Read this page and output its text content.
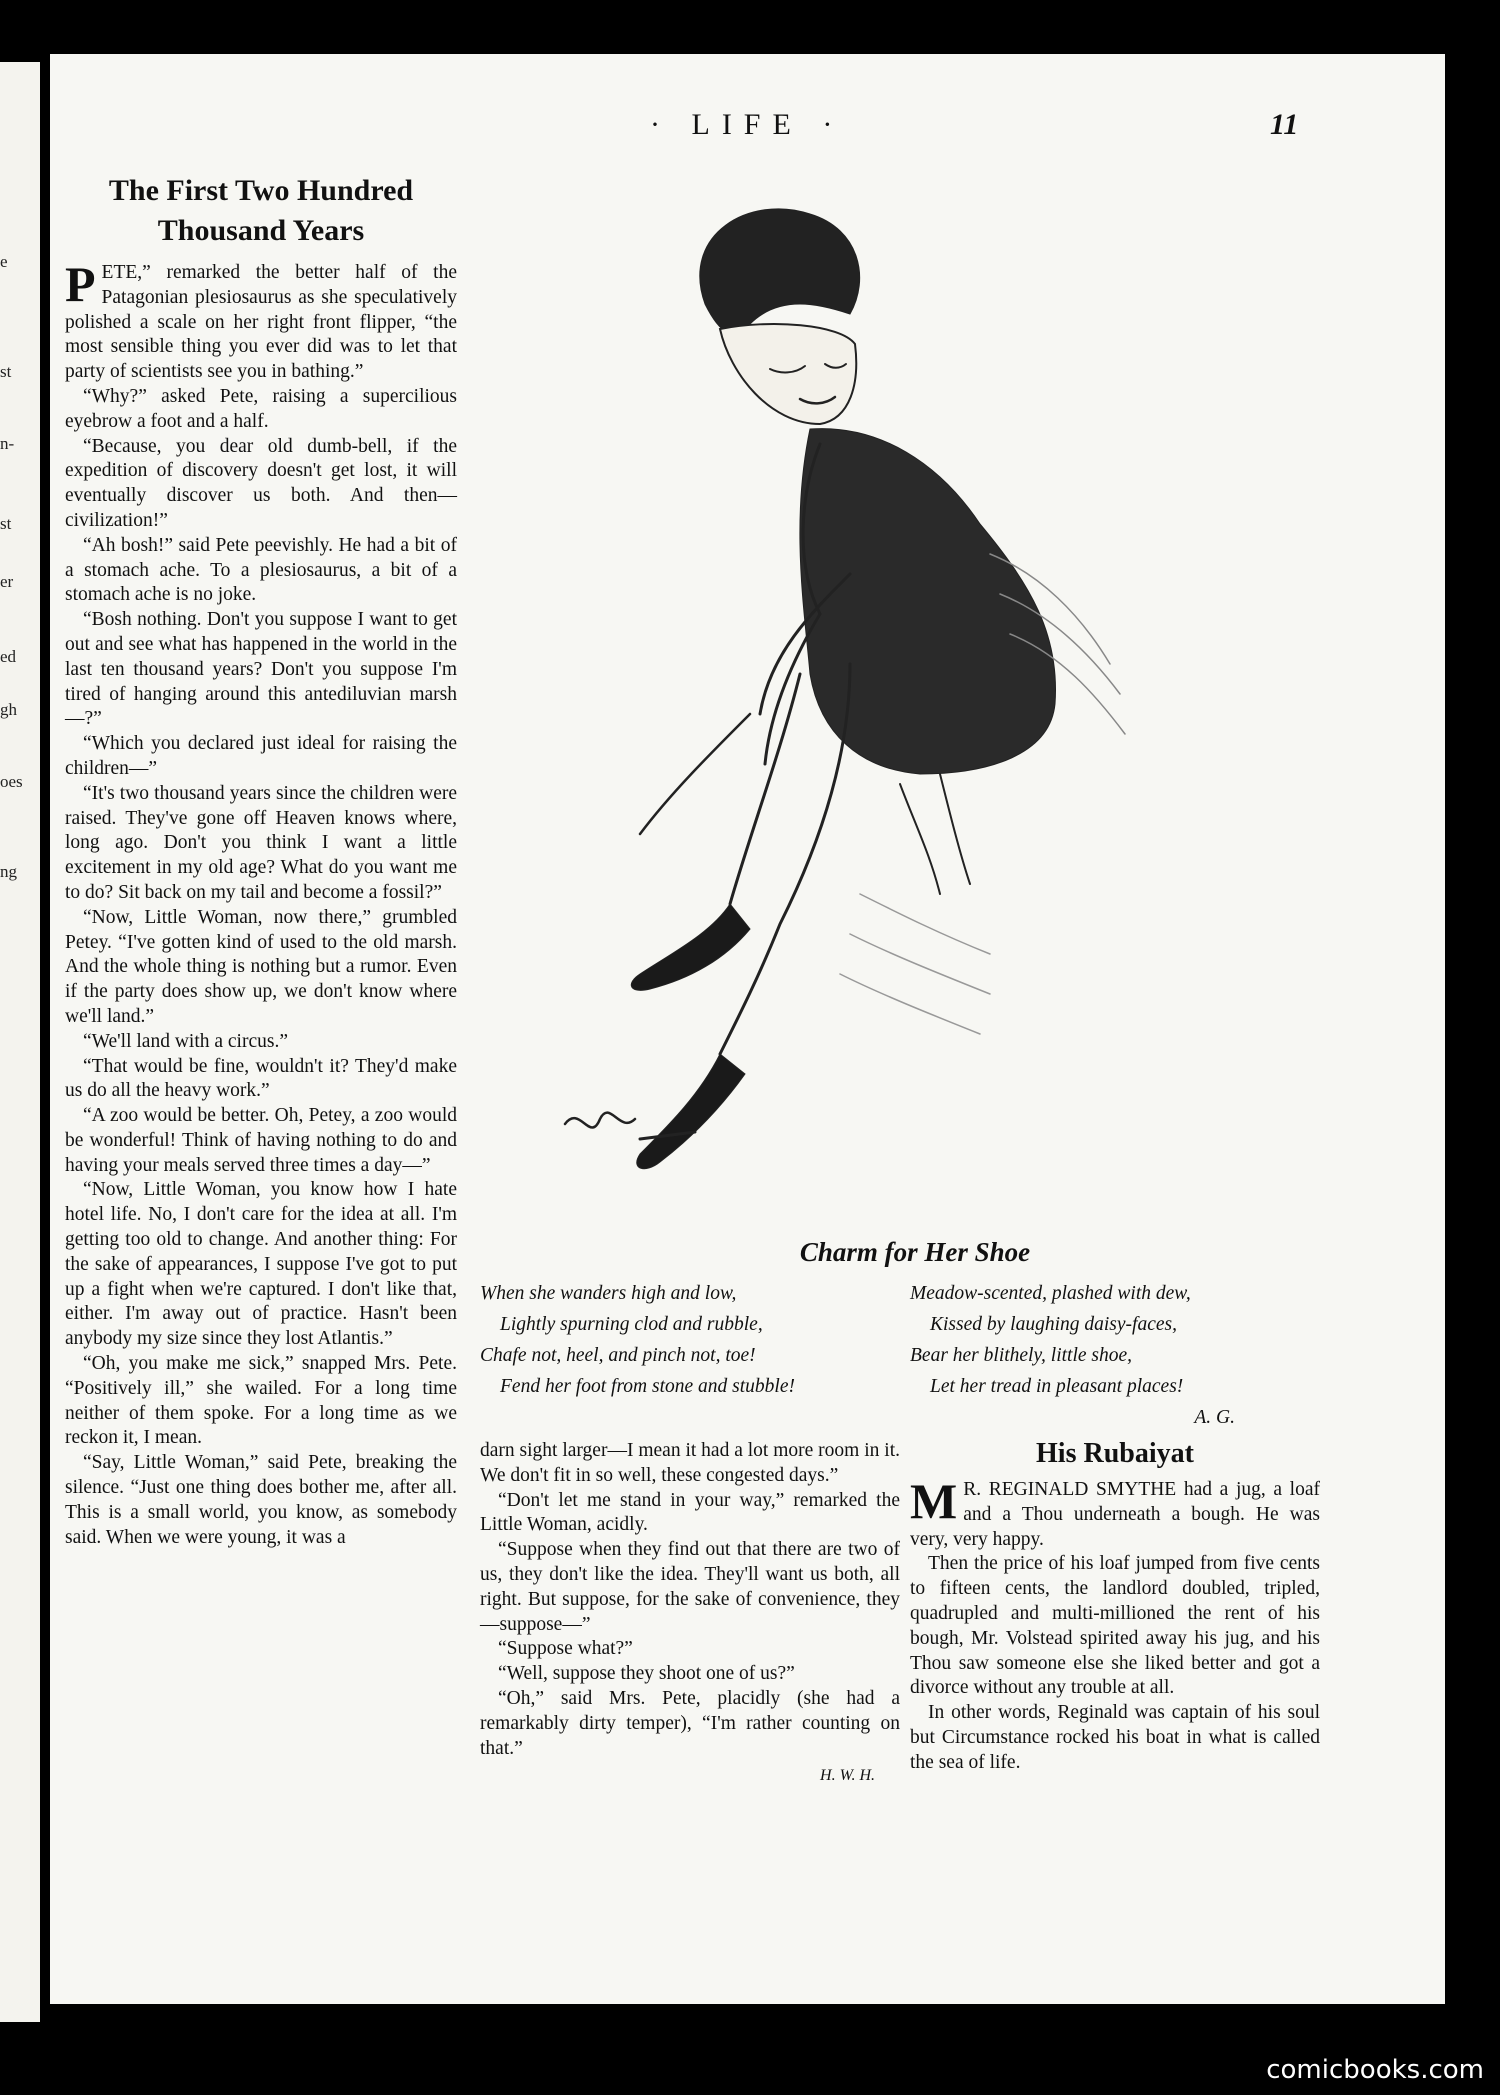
e
st
n-
st
er
ed
gh
oes
ng
· LIFE ·	11
The First Two Hundred Thousand Years

PETE,” remarked the better half of the Patagonian plesiosaurus as she speculatively polished a scale on her right front flipper, “the most sensible thing you ever did was to let that party of scientists see you in bathing.”

“Why?” asked Pete, raising a supercilious eyebrow a foot and a half.

“Because, you dear old dumb-bell, if the expedition of discovery doesn't get lost, it will eventually discover us both. And then—civilization!”

“Ah bosh!” said Pete peevishly. He had a bit of a stomach ache. To a plesiosaurus, a bit of a stomach ache is no joke.

“Bosh nothing. Don't you suppose I want to get out and see what has happened in the world in the last ten thousand years? Don't you suppose I'm tired of hanging around this antediluvian marsh—?”

“Which you declared just ideal for raising the children—”

“It's two thousand years since the children were raised. They've gone off Heaven knows where, long ago. Don't you think I want a little excitement in my old age? What do you want me to do? Sit back on my tail and become a fossil?”

“Now, Little Woman, now there,” grumbled Petey. “I've gotten kind of used to the old marsh. And the whole thing is nothing but a rumor. Even if the party does show up, we don't know where we'll land.”

“We'll land with a circus.”

“That would be fine, wouldn't it? They'd make us do all the heavy work.”

“A zoo would be better. Oh, Petey, a zoo would be wonderful! Think of having nothing to do and having your meals served three times a day—”

“Now, Little Woman, you know how I hate hotel life. No, I don't care for the idea at all. I'm getting too old to change. And another thing: For the sake of appearances, I suppose I've got to put up a fight when we're captured. I don't like that, either. I'm away out of practice. Hasn't been anybody my size since they lost Atlantis.”

“Oh, you make me sick,” snapped Mrs. Pete. “Positively ill,” she wailed. For a long time neither of them spoke. For a long time as we reckon it, I mean.

“Say, Little Woman,” said Pete, breaking the silence. “Just one thing does bother me, after all. This is a small world, you know, as somebody said. When we were young, it was a

Charm for Her Shoe
When she wanders high and low,
Lightly spurning clod and rubble,
Chafe not, heel, and pinch not, toe!
Fend her foot from stone and stubble!
Meadow-scented, plashed with dew,
Kissed by laughing daisy-faces,
Bear her blithely, little shoe,
Let her tread in pleasant places!
A. G.

darn sight larger—I mean it had a lot more room in it. We don't fit in so well, these congested days.”

“Don't let me stand in your way,” remarked the Little Woman, acidly.

“Suppose when they find out that there are two of us, they don't like the idea. They'll want us both, all right. But suppose, for the sake of convenience, they—suppose—”

“Suppose what?”

“Well, suppose they shoot one of us?”

“Oh,” said Mrs. Pete, placidly (she had a remarkably dirty temper), “I'm rather counting on that.”

H. W. H.
His Rubaiyat

M R. REGINALD SMYTHE had a jug, a loaf and a Thou underneath a bough. He was very, very happy.

Then the price of his loaf jumped from five cents to fifteen cents, the landlord doubled, tripled, quadrupled and multi-millioned the rent of his bough, Mr. Volstead spirited away his jug, and his Thou saw someone else she liked better and got a divorce without any trouble at all.

In other words, Reginald was captain of his soul but Circumstance rocked his boat in what is called the sea of life.

comicbooks.com
